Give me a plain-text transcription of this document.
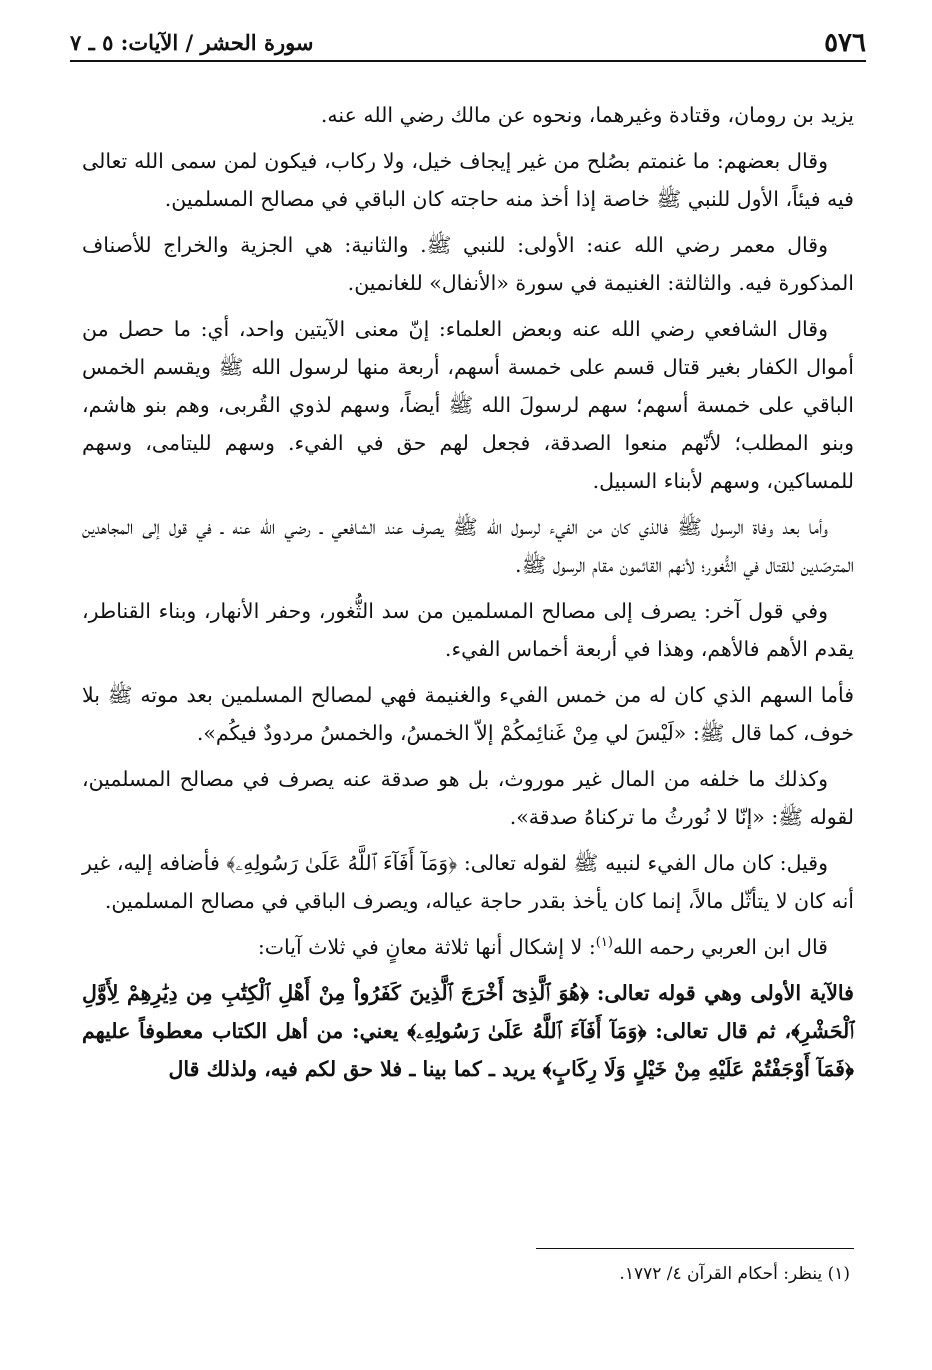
٥٧٦
سورة الحشر / الآيات: ٥ ـ ٧

يزيد بن رومان، وقتادة وغيرهما، ونحوه عن مالك رضي الله عنه.

وقال بعضهم: ما غنمتم بصُلح من غير إيجاف خيل، ولا ركاب، فيكون لمن سمى الله تعالى فيه فيئاً، الأول للنبي ﷺ خاصة إذا أخذ منه حاجته كان الباقي في مصالح المسلمين.

وقال معمر رضي الله عنه: الأولى: للنبي ﷺ. والثانية: هي الجزية والخراج للأصناف المذكورة فيه. والثالثة: الغنيمة في سورة «الأنفال» للغانمين.

وقال الشافعي رضي الله عنه وبعض العلماء: إنّ معنى الآيتين واحد، أي: ما حصل من أموال الكفار بغير قتال قسم على خمسة أسهم، أربعة منها لرسول الله ﷺ ويقسم الخمس الباقي على خمسة أسهم؛ سهم لرسولَ الله ﷺ أيضاً، وسهم لذوي القُربى، وهم بنو هاشم، وبنو المطلب؛ لأنّهم منعوا الصدقة، فجعل لهم حق في الفيء. وسهم لليتامى، وسهم للمساكين، وسهم لأبناء السبيل.

وأما بعد وفاة الرسول ﷺ فالذي كان من الفيء لرسول الله ﷺ يصرف عند الشافعي ـ رضي الله عنه ـ في قول إلى المجاهدين المترصّدين للقتال في الثُّغور؛ لأنهم القائمون مقام الرسول ﷺ.

وفي قول آخر: يصرف إلى مصالح المسلمين من سد الثُّغور، وحفر الأنهار، وبناء القناطر، يقدم الأهم فالأهم، وهذا في أربعة أخماس الفيء.

فأما السهم الذي كان له من خمس الفيء والغنيمة فهي لمصالح المسلمين بعد موته ﷺ بلا خوف، كما قال ﷺ: «لَيْسَ لي مِنْ غَنائِمكُمْ إلاّ الخمسُ، والخمسُ مردودٌ فيكُم».

وكذلك ما خلفه من المال غير موروث، بل هو صدقة عنه يصرف في مصالح المسلمين، لقوله ﷺ: «إنّا لا نُورثُ ما تركناهُ صدقة».

وقيل: كان مال الفيء لنبيه ﷺ لقوله تعالى: ﴿وَمَآ أَفَآءَ ٱللَّهُ عَلَىٰ رَسُولِهِۦ﴾ فأضافه إليه، غير أنه كان لا يتأثّل مالاً، إنما كان يأخذ بقدر حاجة عياله، ويصرف الباقي في مصالح المسلمين.

قال ابن العربي رحمه الله$^{(١)}$: لا إشكال أنها ثلاثة معانٍ في ثلاث آيات:

فالآية الأولى وهي قوله تعالى: ﴿هُوَ ٱلَّذِىٓ أَخْرَجَ ٱلَّذِينَ كَفَرُواْ مِنْ أَهْلِ ٱلْكِتَٰبِ مِن دِيَٰرِهِمْ لِأَوَّلِ ٱلْحَشْرِ﴾، ثم قال تعالى: ﴿وَمَآ أَفَآءَ ٱللَّهُ عَلَىٰ رَسُولِهِۦ﴾ يعني: من أهل الكتاب معطوفاً عليهم ﴿فَمَآ أَوْجَفْتُمْ عَلَيْهِ مِنْ خَيْلٍ وَلَا رِكَابٍ﴾ يريد ـ كما بينا ـ فلا حق لكم فيه، ولذلك قال

(١) ينظر: أحكام القرآن ٤/ ١٧٧٢.
